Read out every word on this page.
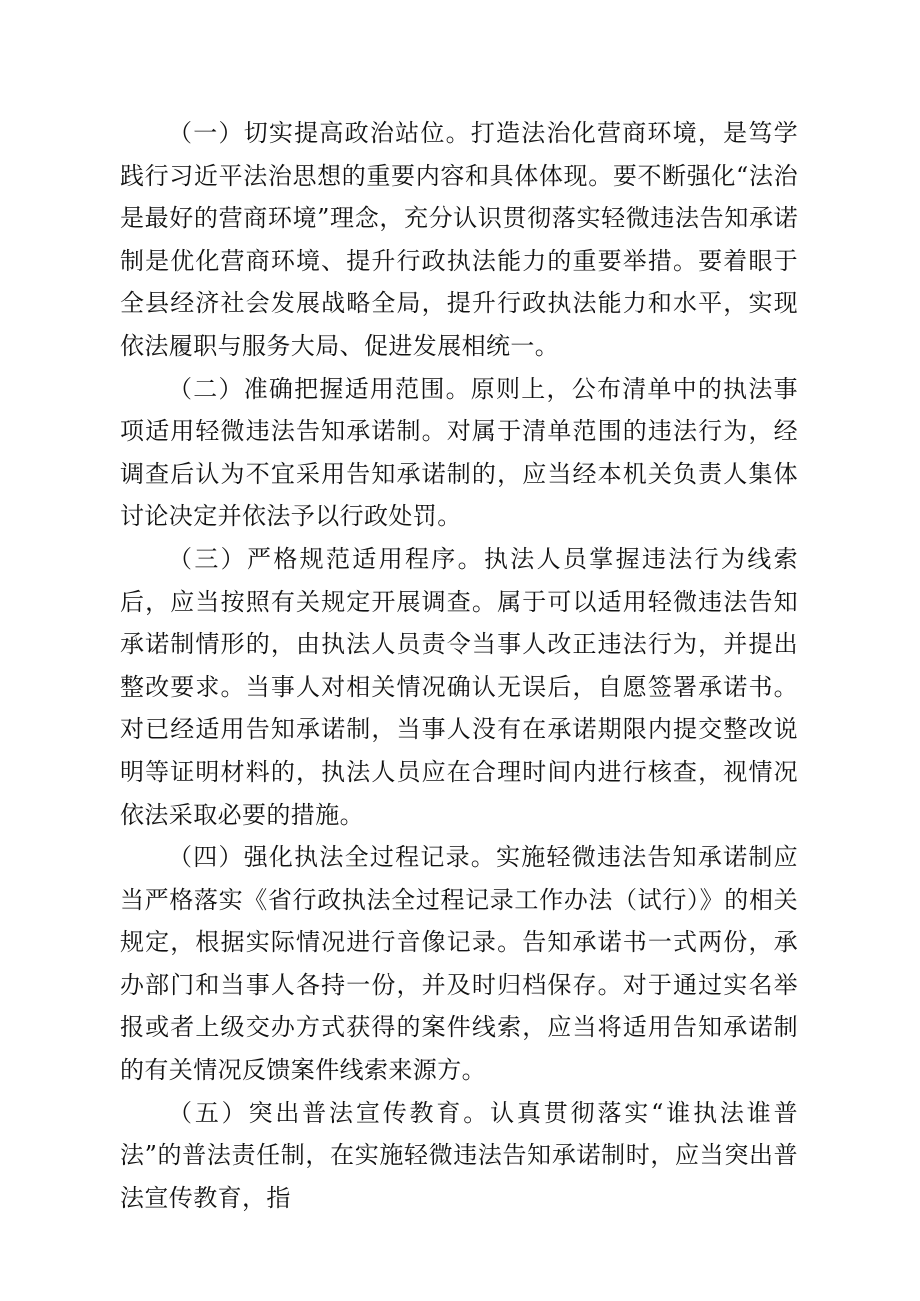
（一）切实提高政治站位。打造法治化营商环境，是笃学践行习近平法治思想的重要内容和具体体现。要不断强化“法治是最好的营商环境”理念，充分认识贯彻落实轻微违法告知承诺制是优化营商环境、提升行政执法能力的重要举措。要着眼于全县经济社会发展战略全局，提升行政执法能力和水平，实现依法履职与服务大局、促进发展相统一。

（二）准确把握适用范围。原则上，公布清单中的执法事项适用轻微违法告知承诺制。对属于清单范围的违法行为，经调查后认为不宜采用告知承诺制的，应当经本机关负责人集体讨论决定并依法予以行政处罚。

（三）严格规范适用程序。执法人员掌握违法行为线索后，应当按照有关规定开展调查。属于可以适用轻微违法告知承诺制情形的，由执法人员责令当事人改正违法行为，并提出整改要求。当事人对相关情况确认无误后，自愿签署承诺书。对已经适用告知承诺制，当事人没有在承诺期限内提交整改说明等证明材料的，执法人员应在合理时间内进行核查，视情况依法采取必要的措施。

（四）强化执法全过程记录。实施轻微违法告知承诺制应当严格落实《省行政执法全过程记录工作办法（试行）》的相关规定，根据实际情况进行音像记录。告知承诺书一式两份，承办部门和当事人各持一份，并及时归档保存。对于通过实名举报或者上级交办方式获得的案件线索，应当将适用告知承诺制的有关情况反馈案件线索来源方。

（五）突出普法宣传教育。认真贯彻落实“谁执法谁普法”的普法责任制，在实施轻微违法告知承诺制时，应当突出普法宣传教育，指
